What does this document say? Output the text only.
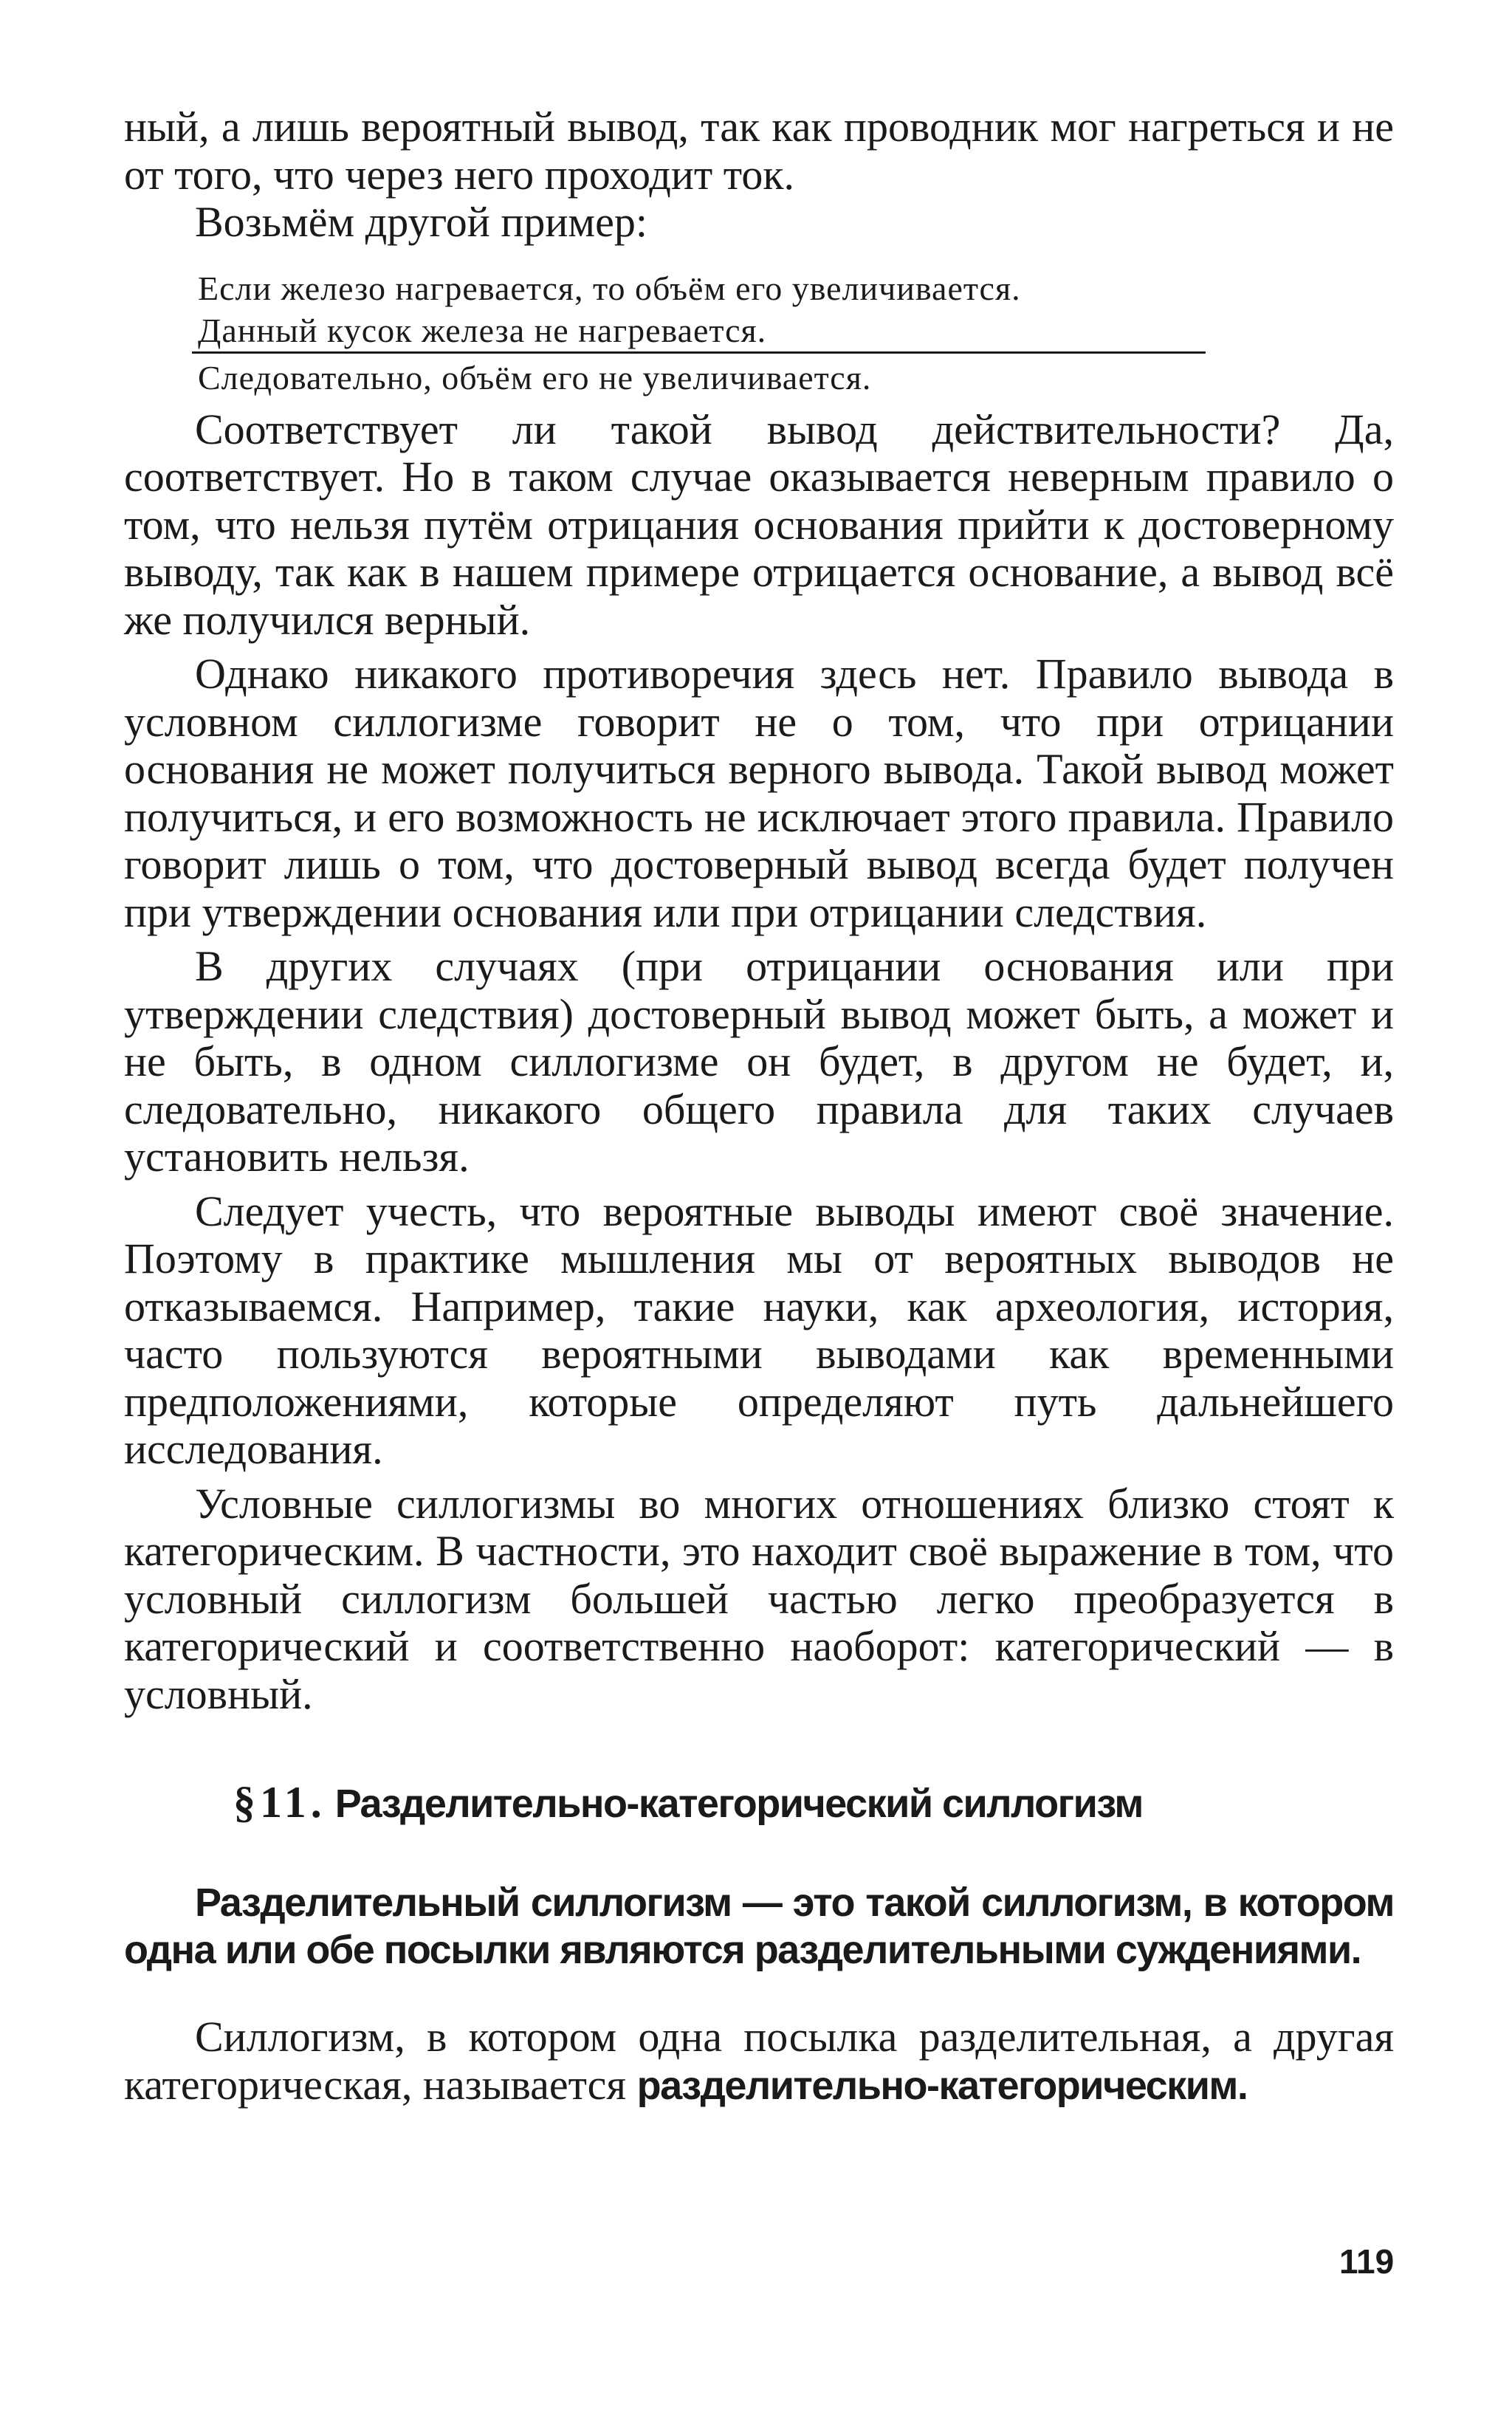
ный, а лишь вероятный вывод, так как проводник мог нагреться и не от того, что через него проходит ток.

Возьмём другой пример:

Если железо нагревается, то объём его увеличивается.
Данный кусок железа не нагревается.
Следовательно, объём его не увеличивается.

Соответствует ли такой вывод действительности? Да, соответствует. Но в таком случае оказывается неверным правило о том, что нельзя путём отрицания основания прийти к достоверному выводу, так как в нашем примере отрицается основание, а вывод всё же получился верный.

Однако никакого противоречия здесь нет. Правило вывода в условном силлогизме говорит не о том, что при отрицании основания не может получиться верного вывода. Такой вывод может получиться, и его возможность не исключает этого правила. Правило говорит лишь о том, что достоверный вывод всегда будет получен при утверждении основания или при отрицании следствия.

В других случаях (при отрицании основания или при утверждении следствия) достоверный вывод может быть, а может и не быть, в одном силлогизме он будет, в другом не будет, и, следовательно, никакого общего правила для таких случаев установить нельзя.

Следует учесть, что вероятные выводы имеют своё значение. Поэтому в практике мышления мы от вероятных выводов не отказываемся. Например, такие науки, как археология, история, часто пользуются вероятными выводами как временными предположениями, которые определяют путь дальнейшего исследования.

Условные силлогизмы во многих отношениях близко стоят к категорическим. В частности, это находит своё выражение в том, что условный силлогизм большей частью легко преобразуется в категорический и соответственно наоборот: категорический — в условный.

§11. Разделительно-категорический силлогизм

Разделительный силлогизм — это такой силлогизм, в котором одна или обе посылки являются разделительными суждениями.

Силлогизм, в котором одна посылка разделительная, а другая категорическая, называется разделительно-категорическим.

119
